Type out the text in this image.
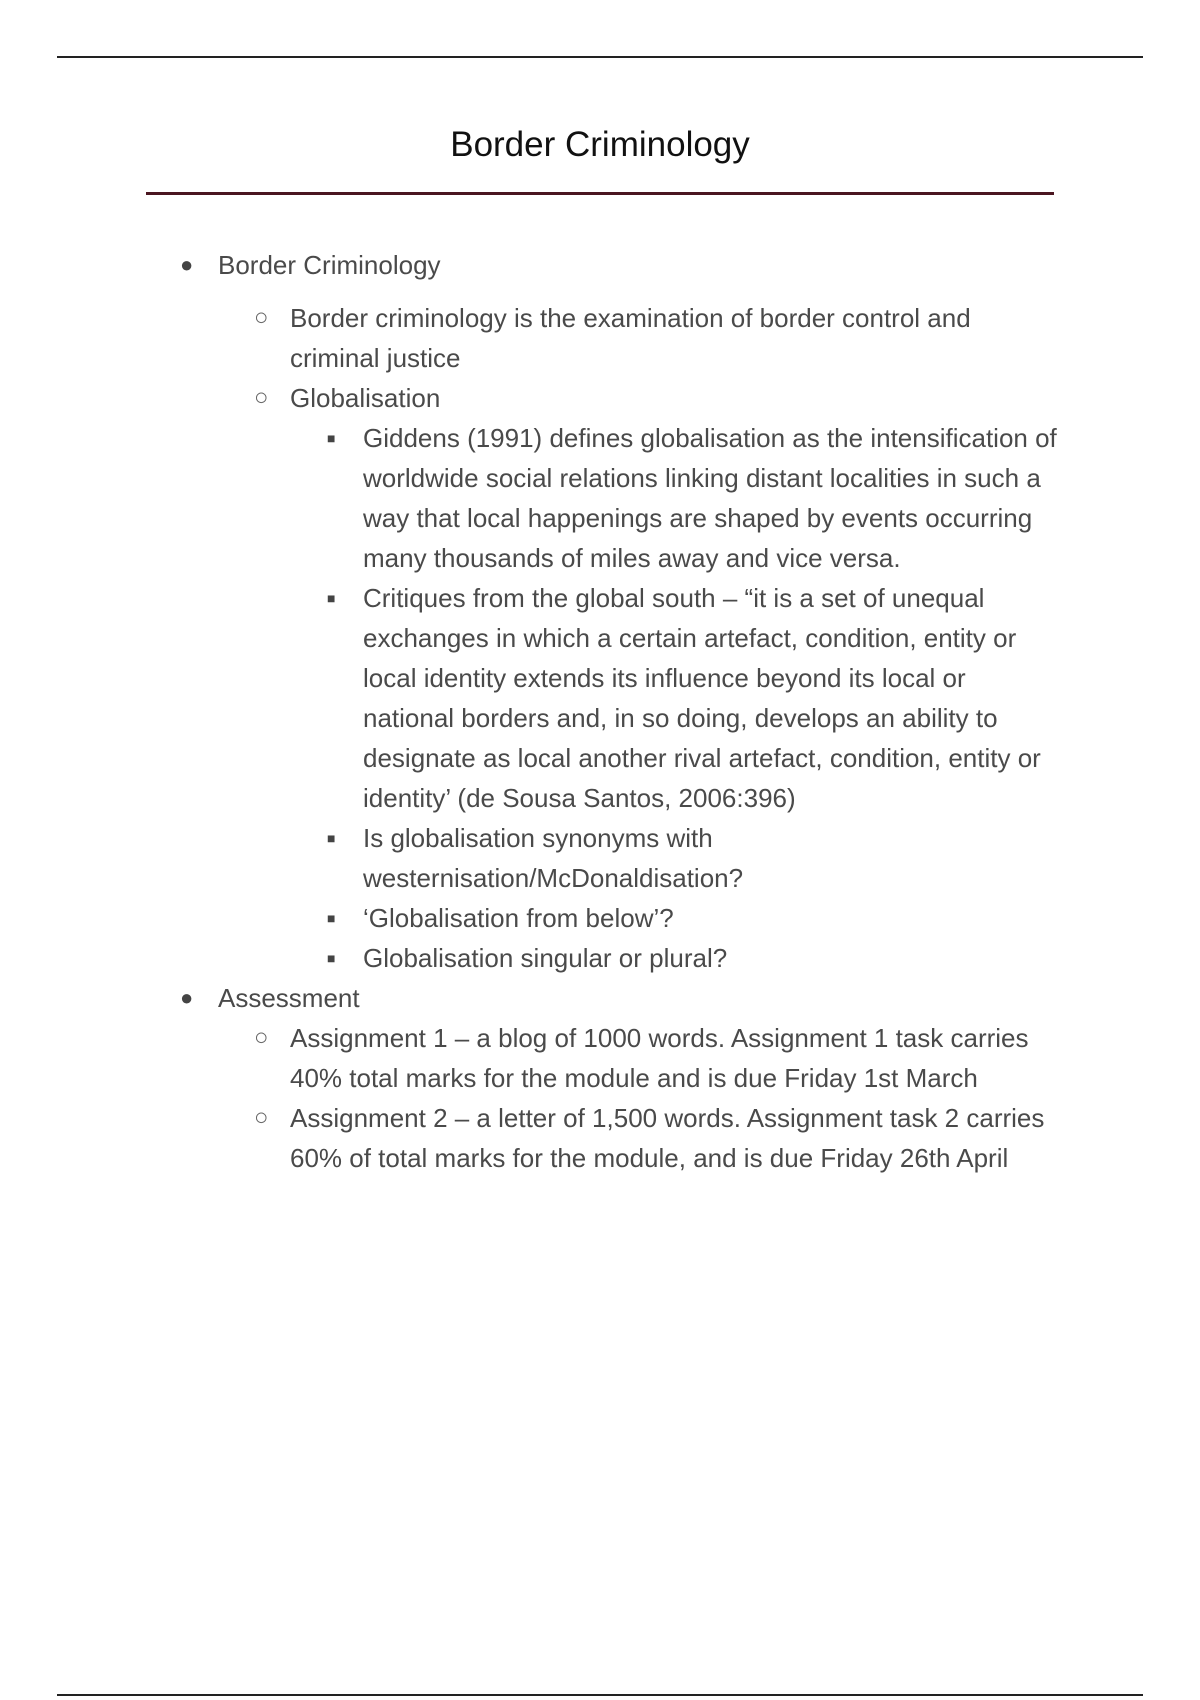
Border Criminology
● Border Criminology
○ Border criminology is the examination of border control and criminal justice
○ Globalisation
■ Giddens (1991) defines globalisation as the intensification of worldwide social relations linking distant localities in such a way that local happenings are shaped by events occurring many thousands of miles away and vice versa.
■ Critiques from the global south – “it is a set of unequal exchanges in which a certain artefact, condition, entity or local identity extends its influence beyond its local or national borders and, in so doing, develops an ability to designate as local another rival artefact, condition, entity or identity’ (de Sousa Santos, 2006:396)
■ Is globalisation synonyms with westernisation/McDonaldisation?
■ ‘Globalisation from below’?
■ Globalisation singular or plural?
● Assessment
○ Assignment 1 – a blog of 1000 words. Assignment 1 task carries 40% total marks for the module and is due Friday 1st March
○ Assignment 2 – a letter of 1,500 words. Assignment task 2 carries 60% of total marks for the module, and is due Friday 26th April
